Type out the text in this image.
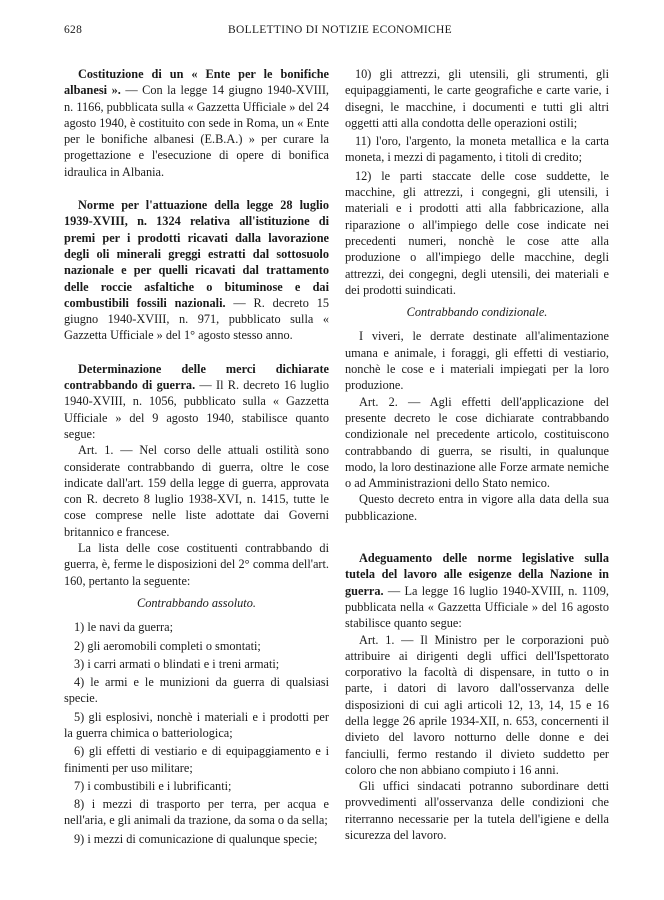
628	BOLLETTINO DI NOTIZIE ECONOMICHE

Costituzione di un « Ente per le bonifiche albanesi ». — Con la legge 14 giugno 1940-XVIII, n. 1166, pubblicata sulla « Gazzetta Ufficiale » del 24 agosto 1940, è costituito con sede in Roma, un « Ente per le bonifiche albanesi (E.B.A.) » per curare la progettazione e l'esecuzione di opere di bonifica idraulica in Albania.

Norme per l'attuazione della legge 28 luglio 1939-XVIII, n. 1324 relativa all'istituzione di premi per i prodotti ricavati dalla lavorazione degli oli minerali greggi estratti dal sottosuolo nazionale e per quelli ricavati dal trattamento delle roccie asfaltiche o bituminose e dai combustibili fossili nazionali. — R. decreto 15 giugno 1940-XVIII, n. 971, pubblicato sulla « Gazzetta Ufficiale » del 1° agosto stesso anno.

Determinazione delle merci dichiarate contrabbando di guerra. — Il R. decreto 16 luglio 1940-XVIII, n. 1056, pubblicato sulla « Gazzetta Ufficiale » del 9 agosto 1940, stabilisce quanto segue:

Art. 1. — Nel corso delle attuali ostilità sono considerate contrabbando di guerra, oltre le cose indicate dall'art. 159 della legge di guerra, approvata con R. decreto 8 luglio 1938-XVI, n. 1415, tutte le cose comprese nelle liste adottate dai Governi britannico e francese.

La lista delle cose costituenti contrabbando di guerra, è, ferme le disposizioni del 2° comma dell'art. 160, pertanto la seguente:

Contrabbando assoluto.

1) le navi da guerra;

2) gli aeromobili completi o smontati;

3) i carri armati o blindati e i treni armati;

4) le armi e le munizioni da guerra di qualsiasi specie.

5) gli esplosivi, nonchè i materiali e i prodotti per la guerra chimica o batteriologica;

6) gli effetti di vestiario e di equipaggiamento e i finimenti per uso militare;

7) i combustibili e i lubrificanti;

8) i mezzi di trasporto per terra, per acqua e nell'aria, e gli animali da trazione, da soma o da sella;

9) i mezzi di comunicazione di qualunque specie;

10) gli attrezzi, gli utensili, gli strumenti, gli equipaggiamenti, le carte geografiche e carte varie, i disegni, le macchine, i documenti e tutti gli altri oggetti atti alla condotta delle operazioni ostili;

11) l'oro, l'argento, la moneta metallica e la carta moneta, i mezzi di pagamento, i titoli di credito;

12) le parti staccate delle cose suddette, le macchine, gli attrezzi, i congegni, gli utensili, i materiali e i prodotti atti alla fabbricazione, alla riparazione o all'impiego delle cose indicate nei precedenti numeri, nonchè le cose atte alla produzione o all'impiego delle macchine, degli attrezzi, dei congegni, degli utensili, dei materiali e dei prodotti suindicati.

Contrabbando condizionale.

I viveri, le derrate destinate all'alimentazione umana e animale, i foraggi, gli effetti di vestiario, nonchè le cose e i materiali impiegati per la loro produzione.

Art. 2. — Agli effetti dell'applicazione del presente decreto le cose dichiarate contrabbando condizionale nel precedente articolo, costituiscono contrabbando di guerra, se risulti, in qualunque modo, la loro destinazione alle Forze armate nemiche o ad Amministrazioni dello Stato nemico.

Questo decreto entra in vigore alla data della sua pubblicazione.

Adeguamento delle norme legislative sulla tutela del lavoro alle esigenze della Nazione in guerra. — La legge 16 luglio 1940-XVIII, n. 1109, pubblicata nella « Gazzetta Ufficiale » del 16 agosto stabilisce quanto segue:

Art. 1. — Il Ministro per le corporazioni può attribuire ai dirigenti degli uffici dell'Ispettorato corporativo la facoltà di dispensare, in tutto o in parte, i datori di lavoro dall'osservanza delle disposizioni di cui agli articoli 12, 13, 14, 15 e 16 della legge 26 aprile 1934-XII, n. 653, concernenti il divieto del lavoro notturno delle donne e dei fanciulli, fermo restando il divieto suddetto per coloro che non abbiano compiuto i 16 anni.

Gli uffici sindacati potranno subordinare detti provvedimenti all'osservanza delle condizioni che riterranno necessarie per la tutela dell'igiene e della sicurezza del lavoro.
